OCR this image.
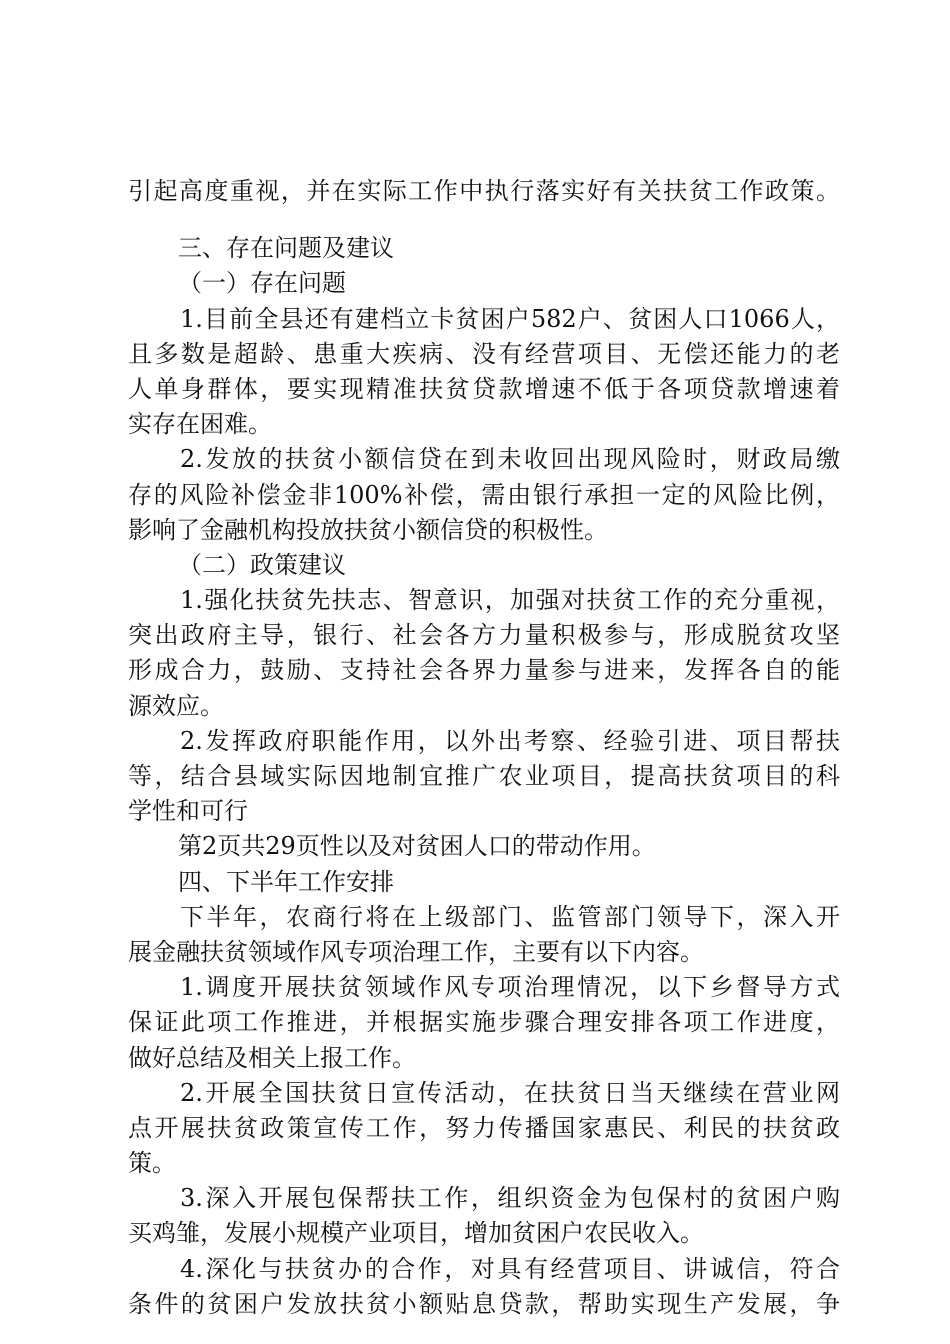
引起高度重视，并在实际工作中执行落实好有关扶贫工作政策。
三、存在问题及建议
（一）存在问题
1.目前全县还有建档立卡贫困户582户、贫困人口1066人，
且多数是超龄、患重大疾病、没有经营项目、无偿还能力的老
人单身群体，要实现精准扶贫贷款增速不低于各项贷款增速着
实存在困难。
2.发放的扶贫小额信贷在到未收回出现风险时，财政局缴
存的风险补偿金非100%补偿，需由银行承担一定的风险比例，
影响了金融机构投放扶贫小额信贷的积极性。
（二）政策建议
1.强化扶贫先扶志、智意识，加强对扶贫工作的充分重视，
突出政府主导，银行、社会各方力量积极参与，形成脱贫攻坚
形成合力，鼓励、支持社会各界力量参与进来，发挥各自的能
源效应。
2.发挥政府职能作用，以外出考察、经验引进、项目帮扶
等，结合县域实际因地制宜推广农业项目，提高扶贫项目的科
学性和可行
第2页共29页性以及对贫困人口的带动作用。
四、下半年工作安排
下半年，农商行将在上级部门、监管部门领导下，深入开
展金融扶贫领域作风专项治理工作，主要有以下内容。
1.调度开展扶贫领域作风专项治理情况，以下乡督导方式
保证此项工作推进，并根据实施步骤合理安排各项工作进度，
做好总结及相关上报工作。
2.开展全国扶贫日宣传活动，在扶贫日当天继续在营业网
点开展扶贫政策宣传工作，努力传播国家惠民、利民的扶贫政
策。
3.深入开展包保帮扶工作，组织资金为包保村的贫困户购
买鸡雏，发展小规模产业项目，增加贫困户农民收入。
4.深化与扶贫办的合作，对具有经营项目、讲诚信，符合
条件的贫困户发放扶贫小额贴息贷款，帮助实现生产发展，争
